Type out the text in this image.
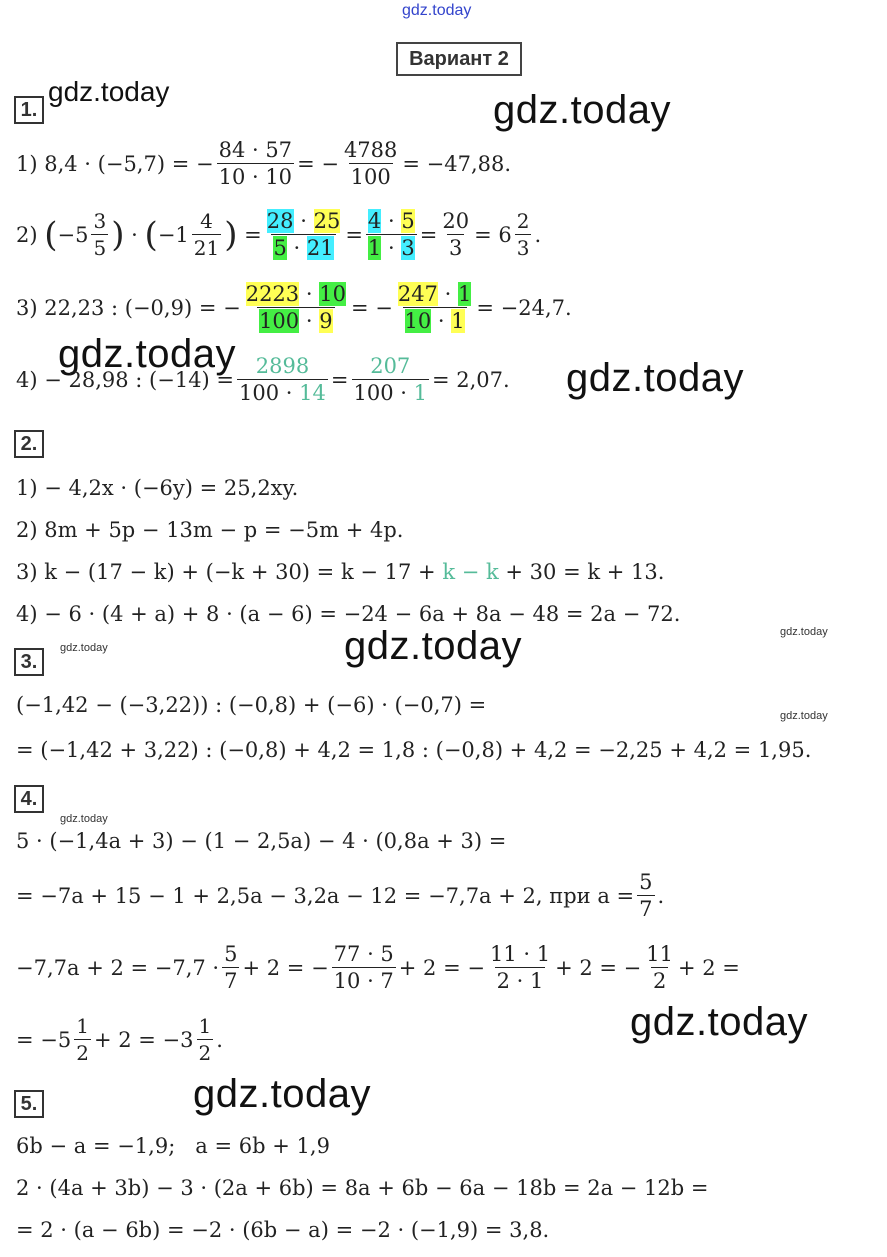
gdz.today
gdz.today	gdz.today
gdz.today
gdz.today
gdz.today
gdz.today	gdz.today
gdz.today
gdz.today
gdz.today
gdz.today
Вариант 2
1.
2.
3.
4.
5.
1) 8,4 · (−5,7) = − $\frac{84 \cdot 57}{10 \cdot 10}$ = − $\frac{4788}{100} = -47,88$.
2)
( $-5 \frac{3}{5}$ )
·
( $-1 \frac{4}{21}$ ) = $\frac{28 \cdot 25}{5 \cdot 21} = \frac{4 \cdot 5}{1 \cdot 3} = \frac{20}{3} = 6 \frac{2}{3}$ .
3) 22,23 : (−0,9) = − $\frac{2223 \cdot 10}{100 \cdot 9}$ = − $\frac{247 \cdot 1}{10 \cdot 1} = -24,7$.
4) − 28,98 : $(-14) = \frac{2898}{100 \cdot 14} = \frac{207}{100 \cdot 1} = 2,07$.
1) − 4,2x · (−6y) = 25,2xy.
2) 8m + 5p − 13m − p = −5m + 4p.
3) k − (17 − k) + (−k + 30) = k − 17 +
k − k
+ 30 = k + 13.
4) − 6 · (4 + a) + 8 · (a − 6) = −24 − 6a + 8a − 48 = 2a − 72.
(−1,42 − (−3,22)) : (−0,8) + (−6) · (−0,7) =
= (−1,42 + 3,22) : (−0,8) + 4,2 = 1,8 : (−0,8) + 4,2 = −2,25 + 4,2 = 1,95.
5 · (−1,4a + 3) − (1 − 2,5a) − 4 · (0,8a + 3) =
= −7a + 15 − 1 + 2,5a − 3,2a − 12 = −7,7a + 2, при $a = \frac{5}{7}$ .
$-7,7a + 2 = -7,7 \cdot \frac{5}{7} + 2$ = − $\frac{77 \cdot 5}{10 \cdot 7} + 2$ = − $\frac{11 \cdot 1}{2 \cdot 1} + 2$ = − $\frac{11}{2} + 2$ =
= $-5 \frac{1}{2} + 2 = -3 \frac{1}{2}$ .
6b − a = −1,9;   a = 6b + 1,9
2 · (4a + 3b) − 3 · (2a + 6b) = 8a + 6b − 6a − 18b = 2a − 12b =
= 2 · (a − 6b) = −2 · (6b − a) = −2 · (−1,9) = 3,8.
